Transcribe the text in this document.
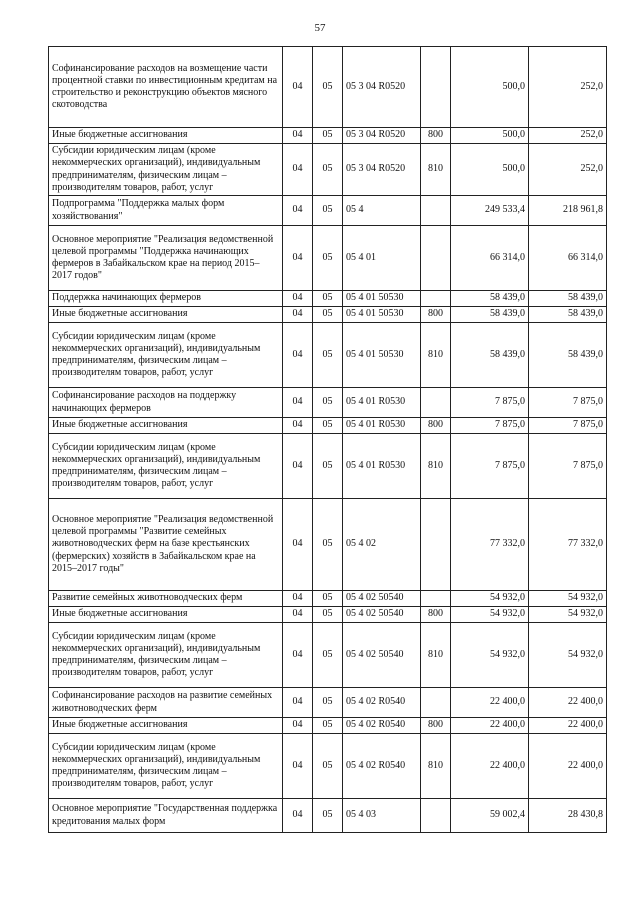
57
Софинансирование расходов на возмещение части процентной ставки по инвестиционным кредитам на строительство и реконструкцию объектов мясного скотоводства	04	05	05 3 04 R0520		500,0	252,0
Иные бюджетные ассигнования	04	05	05 3 04 R0520	800	500,0	252,0
Субсидии юридическим лицам (кроме некоммерческих организаций), индивидуальным предпринимателям, физическим лицам – производителям товаров, работ, услуг	04	05	05 3 04 R0520	810	500,0	252,0
Подпрограмма "Поддержка малых форм хозяйствования"	04	05	05 4		249 533,4	218 961,8
Основное мероприятие "Реализация ведомственной целевой программы "Поддержка начинающих фермеров в Забайкальском крае на период 2015–2017 годов"	04	05	05 4 01		66 314,0	66 314,0
Поддержка начинающих фермеров	04	05	05 4 01 50530		58 439,0	58 439,0
Иные бюджетные ассигнования	04	05	05 4 01 50530	800	58 439,0	58 439,0
Субсидии юридическим лицам (кроме некоммерческих организаций), индивидуальным предпринимателям, физическим лицам – производителям товаров, работ, услуг	04	05	05 4 01 50530	810	58 439,0	58 439,0
Софинансирование расходов на поддержку начинающих фермеров	04	05	05 4 01 R0530		7 875,0	7 875,0
Иные бюджетные ассигнования	04	05	05 4 01 R0530	800	7 875,0	7 875,0
Субсидии юридическим лицам (кроме некоммерческих организаций), индивидуальным предпринимателям, физическим лицам – производителям товаров, работ, услуг	04	05	05 4 01 R0530	810	7 875,0	7 875,0
Основное мероприятие "Реализация ведомственной целевой программы "Развитие семейных животноводческих ферм на базе крестьянских (фермерских) хозяйств в Забайкальском крае на 2015–2017 годы"	04	05	05 4 02		77 332,0	77 332,0
Развитие семейных животноводческих ферм	04	05	05 4 02 50540		54 932,0	54 932,0
Иные бюджетные ассигнования	04	05	05 4 02 50540	800	54 932,0	54 932,0
Субсидии юридическим лицам (кроме некоммерческих организаций), индивидуальным предпринимателям, физическим лицам – производителям товаров, работ, услуг	04	05	05 4 02 50540	810	54 932,0	54 932,0
Софинансирование расходов на развитие семейных животноводческих ферм	04	05	05 4 02 R0540		22 400,0	22 400,0
Иные бюджетные ассигнования	04	05	05 4 02 R0540	800	22 400,0	22 400,0
Субсидии юридическим лицам (кроме некоммерческих организаций), индивидуальным предпринимателям, физическим лицам – производителям товаров, работ, услуг	04	05	05 4 02 R0540	810	22 400,0	22 400,0
Основное мероприятие "Государственная поддержка кредитования малых форм	04	05	05 4 03		59 002,4	28 430,8
